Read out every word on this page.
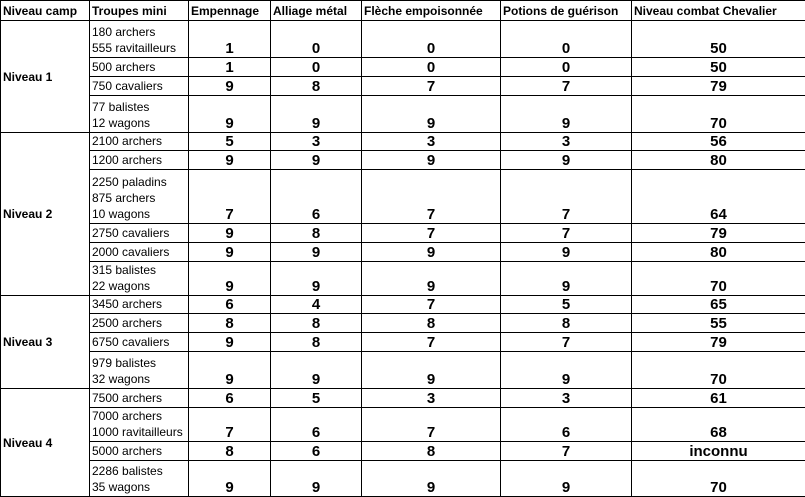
Niveau camp	Troupes mini	Empennage	Alliage métal	Flèche empoisonnée	Potions de guérison	Niveau combat Chevalier
Niveau 1	180 archers
555 ravitailleurs	1	0	0	0	50

	500 archers	1	0	0	0	50

	750 cavaliers	9	8	7	7	79

	77 balistes
12 wagons	9	9	9	9	70
Niveau 2	2100 archers	5	3	3	3	56

	1200 archers	9	9	9	9	80

	2250 paladins
875 archers
10 wagons	7	6	7	7	64

	2750 cavaliers	9	8	7	7	79

	2000 cavaliers	9	9	9	9	80

	315 balistes
22 wagons	9	9	9	9	70
Niveau 3	3450 archers	6	4	7	5	65

	2500 archers	8	8	8	8	55

	6750 cavaliers	9	8	7	7	79

	979 balistes
32 wagons	9	9	9	9	70
Niveau 4	7500 archers	6	5	3	3	61

	7000 archers
1000 ravitailleurs	7	6	7	6	68

	5000 archers	8	6	8	7	inconnu

	2286 balistes
35 wagons	9	9	9	9	70
